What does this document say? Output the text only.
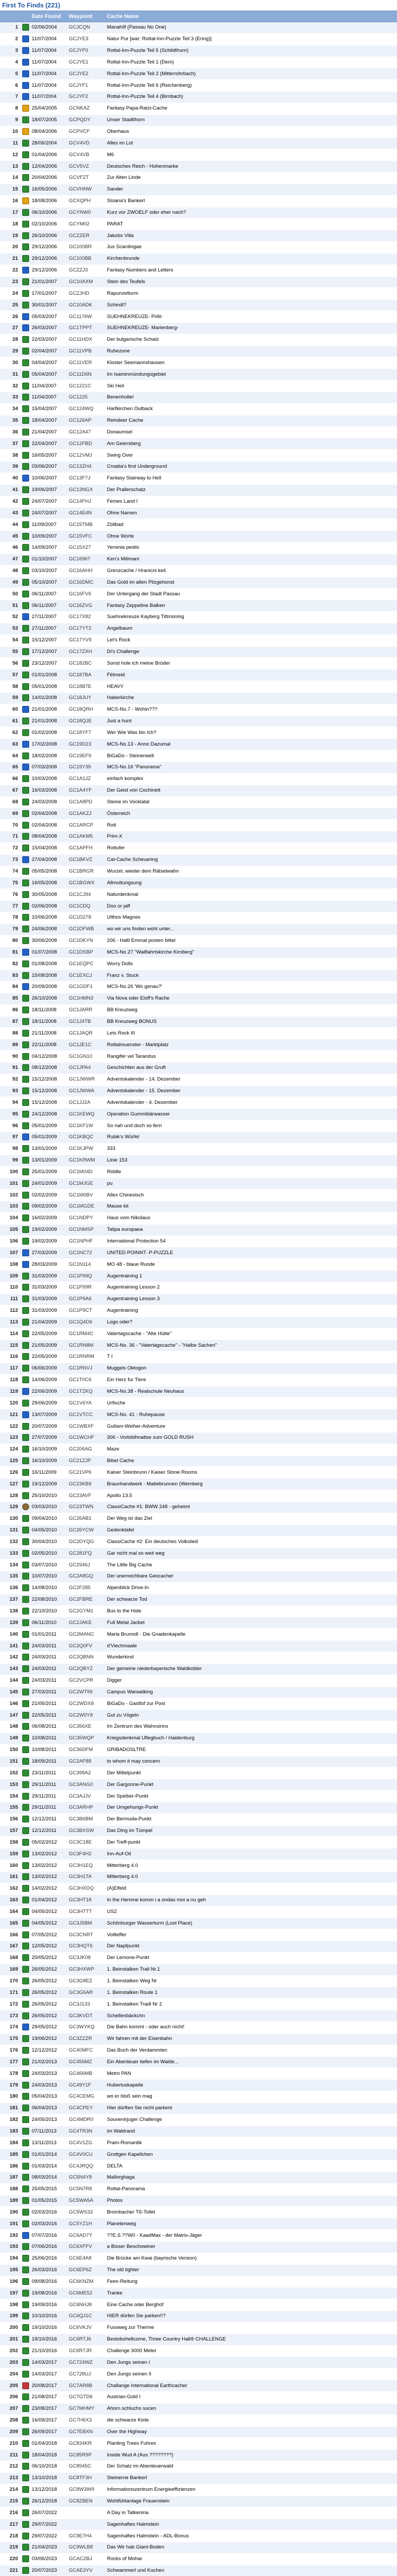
First To Finds (221)
		Date Found	Waypoint	Cache Name
1		02/06/2004	GCJCQN	Manahilf (Passau No One)
2		11/07/2004	GCJYE3	Natur Pur [war: Rottal-Inn-Puzzle Teil 3 (Ering)]
3		11/07/2004	GCJYF0	Rottal-Inn-Puzzle Teil 5 (Schildthurn)
4		11/07/2004	GCJYE1	Rottal-Inn-Puzzle Teil 1 (Dem)
5		11/07/2004	GCJYE2	Rottal-Inn-Puzzle Teil 2 (Mitterrohrbach)
6		11/07/2004	GCJYF1	Rottal-Inn-Puzzle Teil 6 (Reichenberg)
7		11/07/2004	GCJYF2	Rottal-Inn-Puzzle Teil 4 (Birnbach)
8		25/04/2005	GCNKAZ	Fantasy Papa-Ratzi-Cache
9		18/07/2005	GCPQDY	Unser Stadtlhorn
10		08/04/2006	GCPVCF	Oberhaus
11		28/06/2004	GCV4VD	Alles im Lot
12		01/04/2006	GCV4VB	M6
13		12/04/2006	GCV5VZ	Deutsches Reich - Hohenmarke
14		20/04/2006	GCVFZT	Zur Alten Linde
15		16/05/2006	GCVHNW	Sander
16		18/08/2006	GCXQPH	Stoana's Bankerl
17		06/10/2006	GCYNW0	Kurz vor ZWOELF oder eher nach?
18		02/10/2006	GCYM02	PARAT
19		26/10/2006	GCZZER	Jakobs Villa
20		29/12/2006	GC100BR	Jus Scardingae
21		29/12/2006	GC100BB	Kirchenbrunde
22		29/12/2006	GCZZJ3	Fantasy Numbers and Letters
23		21/01/2007	GC10AXM	Stein des Teufels
24		17/01/2007	GCZJHD	Rapunzelturm
25		30/01/2007	GC10ADK	Schindl?
26		05/03/2007	GC1176W	SUEHNEKREUZE- Prilit-
27		26/03/2007	GC1TPPT	SUEHNEKREUZE- Marienberg-
28		22/03/2007	GC11HDX	Der bulgarische Schatz
29		02/04/2007	GC11VPB	Ruhezone
30		04/04/2007	GC11VER	Kloster Seemannshausen
31		05/04/2007	GC11D6N	Im Isaminmündungsgebiet
32		11/04/2007	GC1221C	Ski Heil
33		11/04/2007	GC1225	Benenholtel
34		15/04/2007	GC124WQ	Harfkirchen Outback
35		18/04/2007	GC126AP	Reindeer Cache
36		21/04/2007	GC12A47	Donaumsel
37		22/04/2007	GC12FBD	Am Geiersberg
38		16/05/2007	GC12VMJ	Swing Over
39		03/06/2007	GC13ZH4	Croatia's first Underground
40		10/06/2007	GC13F7J	Fantasy Stairway to Hell
41		19/06/2007	GC13NGX	Der Prallerschatz
42		24/07/2007	GC14FHJ	Femes Land I
43		24/07/2007	GC14E4N	Ohne Namen
44		11/09/2007	GC15TMB	Zölibad
45		10/09/2007	GC15VFC	Ohne Worte
46		14/09/2007	GC15X27	Yersinia pestis
47		01/10/2007	GC16967	Ken's Milimani
48		03/10/2007	GC16AHH	Grenzcache / Hranicni keš
49		05/10/2007	GC16DMC	Das Gold im alten Pilzgehonst
50		06/11/2007	GC16FV6	Der Untergang der Stadt Passau
51		06/11/2007	GC16ZVG	Fantasy Zeppeline Balken
52		27/11/2007	GC17X82	Suehnekreuze Kayberg Tittmoning
53		27/11/2007	GC17YT2	Angelbaum
54		15/12/2007	GC17YV9	Let's Rock
55		17/12/2007	GC17ZXH	Di's Challenge
56		23/12/2007	GC182BC	Sonst hole ich meine Brüder
57		01/01/2008	GC187BA	Félmeid
58		05/01/2008	GC18B7E	HEAVY
59		14/01/2008	GC18JUY	Haberkirche
60		21/01/2008	GC18QRH	MCS-No.7 - Wohin???
61		21/01/2008	GC18QJE	Just a hunt
62		01/02/2008	GC18YF7	Wer Wie Was bin Ich?
63		17/02/2008	GC19D23	MCS-No.13 - Anno Dazumal
64		18/02/2008	GC19EF9	BiGaDo - Steinerwelt
65		07/03/2008	GC19Y39	MCS-No.16 "Panorama"
66		10/03/2008	GC1A1JZ	einfach komplex
67		16/03/2008	GC1A4YF	Der Geist von Cochinett
68		24/03/2008	GC1A8PD	Steine im Vocklatal
69		02/04/2008	GC1AKZJ	Österreich
70		02/04/2008	GC1ARCP	Rott
71		08/04/2008	GC1AKM5	Prim-X
72		15/04/2008	GC1APFH	Rottufer
73		27/04/2008	GC1BKVZ	Cat-Cache Scheuering
74		05/05/2008	GC1BRGR	Wurzel, wieder dem Rätselwahn
75		16/05/2008	GC1BGWX	Allmuttungsung
76		30/05/2008	GC1CJ94	Naturdenkmal
77		02/06/2008	GC1CDQ	Doo or jaff
78		10/06/2008	GC1D278	Ulthos Magnes
79		24/06/2008	GC1DFWB	wo wir uns finden wohl unter...
80		30/06/2008	GC1DKYN	206 - Haltl Emmal posten bittel
81		01/07/2008	GC1DSBP	MCS-No.27 "Wallfahrtskirche Kirnberg"
82		01/08/2008	GC1EQPC	Worry Dolls
83		15/08/2008	GC1EXCJ	Franz v. Stuck
84		20/09/2008	GC1GDF1	MCS-No.26 'Wo genau?'
85		26/10/2008	GC1HMN3	Via Nova oder Eloff's Rache
86		18/11/2008	GC1JARR	BB Kreuzweg
87		18/11/2008	GC1J4TB	BB Kreuzweg BONUS
88		21/11/2008	GC1JAQR	Lets Rock III
89		22/11/2008	GC1JE1C	Rottalmuenster - Marktplatz
90		04/12/2008	GC1GN10	Rangifer vel Tarandus
91		08/12/2008	GC1JPA4	Geschichten aus der Gruft
92		15/12/2008	GC1JWWR	Adventskalender - 14. Dezember
93		15/12/2008	GC1JWWA	Adventskalender - 15. Dezember
94		15/12/2008	GC1JJ2A	Adventskalender - 4. Dezember
95		24/12/2008	GC1KEWQ	Operation Gummibärwasser
96		05/01/2009	GC1KF1W	So nah und doch so fern
97		05/01/2009	GC1KBQC	Rubik's Würfel
98		13/01/2009	GC1KJPW	333
99		13/01/2009	GC1KRWM	Linie 153
100		25/01/2009	GC1M04D	Riddle
101		24/01/2009	GC1MJGE	pu
102		02/02/2009	GC1M0BV	Alles Chinesisch
103		09/02/2009	GC1MGDE	Mause kit
104		16/02/2009	GC1NDPY	Haus vom Nikolaus
105		19/02/2009	GC1NMSP	Talipa europaea
106		19/02/2009	GC1NPHF	International Protection 54
107		27/03/2009	GC1NC72	UNITED POINNT- P-PUZZLE
108		28/03/2009	GC1N114	MO 48 - blaue Runde
109		31/03/2009	GC1P99Q	Augentraining 1
110		31/03/2009	GC1P99R	Augentraining Lesson 2
111		31/03/2009	GC1P9A6	Augentraining Lesson 3
112		31/03/2009	GC1P9CT	Augentraining
113		21/04/2009	GC1Q4D6	Logo oder?
114		22/05/2009	GC1RM4C	Vatertagscache - "Alte Hütte"
115		21/05/2009	GC1RN8M	MCS-No. 36 - "Vatertagscache" - "Halbe Sachen"
116		22/05/2009	GC1RNRM	T I
117		06/06/2009	GC1RNVJ	Muggels Oktogon
118		14/06/2009	GC1T0C6	Ein Herz fur Tiere
119		22/06/2009	GC1TZKQ	MCS-No.38 - Realschule Neuhaus
120		29/06/2009	GC1V6YA	Urfische
121		13/07/2009	GC1VTCC	MCS-No. 41 - Ruhepause
122		20/07/2009	GC1WBXF	Gutlam-Weiher-Adventure
123		27/07/2009	GC1WCHF	306 - Vorbildhnatlse zum GOLD RUSH
124		16/10/2009	GC206AG	Maze
125		16/10/2009	GC21ZJP	Bibel Cache
126		16/11/2009	GC21VP6	Kaiser Steinbrunn / Kaiser Stone Rooms
127		19/12/2009	GC23KB9	Braunhandwerk - Mattebrunnen (Wernberg
128		25/10/2010	GC23AVF	Apollo 13.5
129		03/03/2010	GC23TWN	ClassiCache #1: BWW 248 - geheimt
130		09/04/2010	GC26AB1	Der Weg ist das Ziel
131		04/05/2010	GC26YCW	Gedenktafel
132		30/04/2010	GC2DYQG	ClassiCache #2: Ein deutsches Volkslied
133		02/05/2010	GC281FQ	Gar nicht mal so weit weg
134		03/07/2010	GC2946J	The Little Big Cache
135		10/07/2010	GC2A8GQ	Der unerreichbare Geocacher
136		14/08/2010	GC2F285	Alpenblick Drive-In
137		22/08/2010	GC2FBRE	Der schwarze Tod
138		22/10/2010	GC2GYM1	Bus to the Hole
139		06/11/2010	GC2JAKE	Full Metal Jacket
140		01/01/2011	GC2MANC	Maria Brunndl - Die Gnadenkapelle
141		24/03/2011	GC2Q0FV	d'Viechmaale
142		24/03/2011	GC2QBNN	Wunderkind
143		24/03/2011	GC2QBYZ	Der gemeine niederbayerische Waldkobler
144		24/03/2011	GC2VCPR	Digger
145		27/03/2011	GC2WT99	Campus Warwalking
146		21/05/2011	GC2WDX8	BiGaDo - Gastfof zur Post
147		22/05/2011	GC2W0Y8	Gut zu Vögeln
148		06/08/2011	GC356XE	Im Zentrum des Wahnsinns
149		10/08/2011	GC35WQP	Kriegsdenkmal Uflegbuch / Haidenburg
150		10/08/2011	GC36DFM	GRIBADOSLTRE
151		18/09/2011	GC2AF88	to whom it may concern
152		23/11/2011	GC398A2	Der Mittelpunkt
153		29/11/2011	GC3ANG0	Der Gargonne-Punkt
154		29/11/2011	GC3AJJV	Der Speiber-Punkt
155		29/11/2011	GC3ARHP	Der Umgehungs-Punkt
156		12/12/2011	GC3B6BM	Der Bermuda-Punkt
157		12/12/2011	GC3BXSW	Das Ding im Tümpel
158		05/02/2012	GC3C18E	Der Treff-punkt
159		13/02/2012	GC3F4H2	Inn-Auf-Oil
160		13/02/2012	GC3H1EQ	Mitterberg 4.0
161		13/02/2012	GC3H1TA	Mitterberg 4.0
162		14/02/2012	GC3HXDQ	(A)Elfeld
163		01/04/2012	GC3HT18	In the Hemme komm i a ondas moi a nu geh
164		04/05/2012	GC3HTTT	US2
165		04/05/2012	GC3J5BM	Schönburger Wasserturm (Lost Place)
166		07/05/2012	GC3CNRT	Vollteffer
167		12/05/2012	GC3HQT6	Der Napfpunkt
168		20/05/2012	GC3JK08	Der Lemone-Punkt
169		26/05/2012	GC3HXWP	1. Beinstalken Trail Nr.1
170		26/05/2012	GC3G8EZ	1. Beinstalken Weg Nr
171		26/05/2012	GC3G6AR	1. Beinstalken Route 1
172		26/05/2012	GC3J133	1. Beinstalken Tradl Nr 2
173		26/05/2012	GC3KVDT	Schellenbäckchn
174		29/05/2012	GC3WYKQ	Die Bahn kommt - oder auch nicht!
175		19/06/2012	GC3ZZZR	Wir fahren mit der Eisenbahn
176		12/12/2012	GC40MFC	Das Buch der Verdammten
177		21/02/2013	GC456MZ	Ein Abenteuer tiefen im Walde...
178		24/03/2013	GC466MB	Metro PAN
179		24/03/2013	GC49Y1F	Hubertuskapelle
180		05/04/2013	GC4CEMG	wo er bloß sein mag
181		06/04/2013	GC4CPEY	Hier dürften Sie nicht parkent
182		24/05/2013	GC4MDR0	Souvenirjuger Challenge
183		07/11/2013	GC4TR3N	im Waldrand
184		13/11/2013	GC4V1ZG	Pram-Romantik
185		01/01/2014	GC4V0CU	Grottgen Kapellchen
186		01/03/2014	GC4JRQQ	DELTA
187		08/03/2014	GC5N4Y8	Mallorghaga
188		25/05/2015	GC5N7R8	Rottal-Panorama
189		01/05/2015	GC5WA5A	Photos
190		02/03/2016	GC5WS32	Brombacher Tß-Tollet
191		02/03/2016	GC5YZ1H	Planetenweg
192		07/07/2016	GC6AD7Y	??E.S.??W0 - KaadMax - der Matrix-Jäger
193		07/06/2016	GC6XFFV	a Bisser Beschowiner
194		25/06/2016	GC6E4A8	Die Brücke am Kwai (bayrische Version)
195		26/03/2016	GC6EP6Z	The old tighter
196		09/08/2016	GC6KNZM	Feen-Reitung
197		19/08/2016	GC6ME52	Tranke
198		19/09/2016	GC6NHJ8	Eine Cache oder Berghof
199		10/10/2016	GC6QJ1C	HIER dürfen Sie parken!!?
200		19/10/2016	GC6VKJV	Fussweg zur Therme
201		19/10/2016	GC6RTJ6	Bestobohellcome, Three Country Hall® CHALLENGE
202		21/10/2016	GC6R7JR	Challenge 3000 Meter
203		14/03/2017	GC724WZ	Den Jungs seinen I
204		14/03/2017	GC728UJ	Den Jungs seinen II
205		20/08/2017	GC7AR8B	Challange International Earthcacher
206		21/08/2017	GC7GTD6	Austrian-Gold I
207		23/08/2017	GC7MHMY	Ahorn schluchs sucen
208		16/09/2017	GC7H6X3	die schwarze Kiste
209		26/09/2017	GC7EBXN	Over the Highway
210		01/04/2018	GC834KR	Planting Trees Fuhres
211		18/04/2018	GC85R9P	Inside Wud A (Aus ????????)
212		06/10/2018	GC8945C	Der Schatz im Abenteuerwald
213		13/10/2018	GC8TF3H	Steinerne Bankerl
214		13/12/2018	GC8W3W9	Informationszentrum Energieeffizienzen
215		26/12/2018	GC8ZBEN	Wohlfühlanlage Frauenstein
216		26/07/2022		A Day in Tatkenina
217		29/07/2022		Sagenhaftes Halmstein
218		29/07/2022	GC9E7H4	Sagenhaftes Halmstein - ADL-Bonus
219		21/04/2023	GC9WLB8	Das Wir hab Giant-Boden
220		03/06/2023	GCAC2BJ	Rocks of Mohar
221		20/07/2023	GCAE3YV	Schwammerl und Kuchen
